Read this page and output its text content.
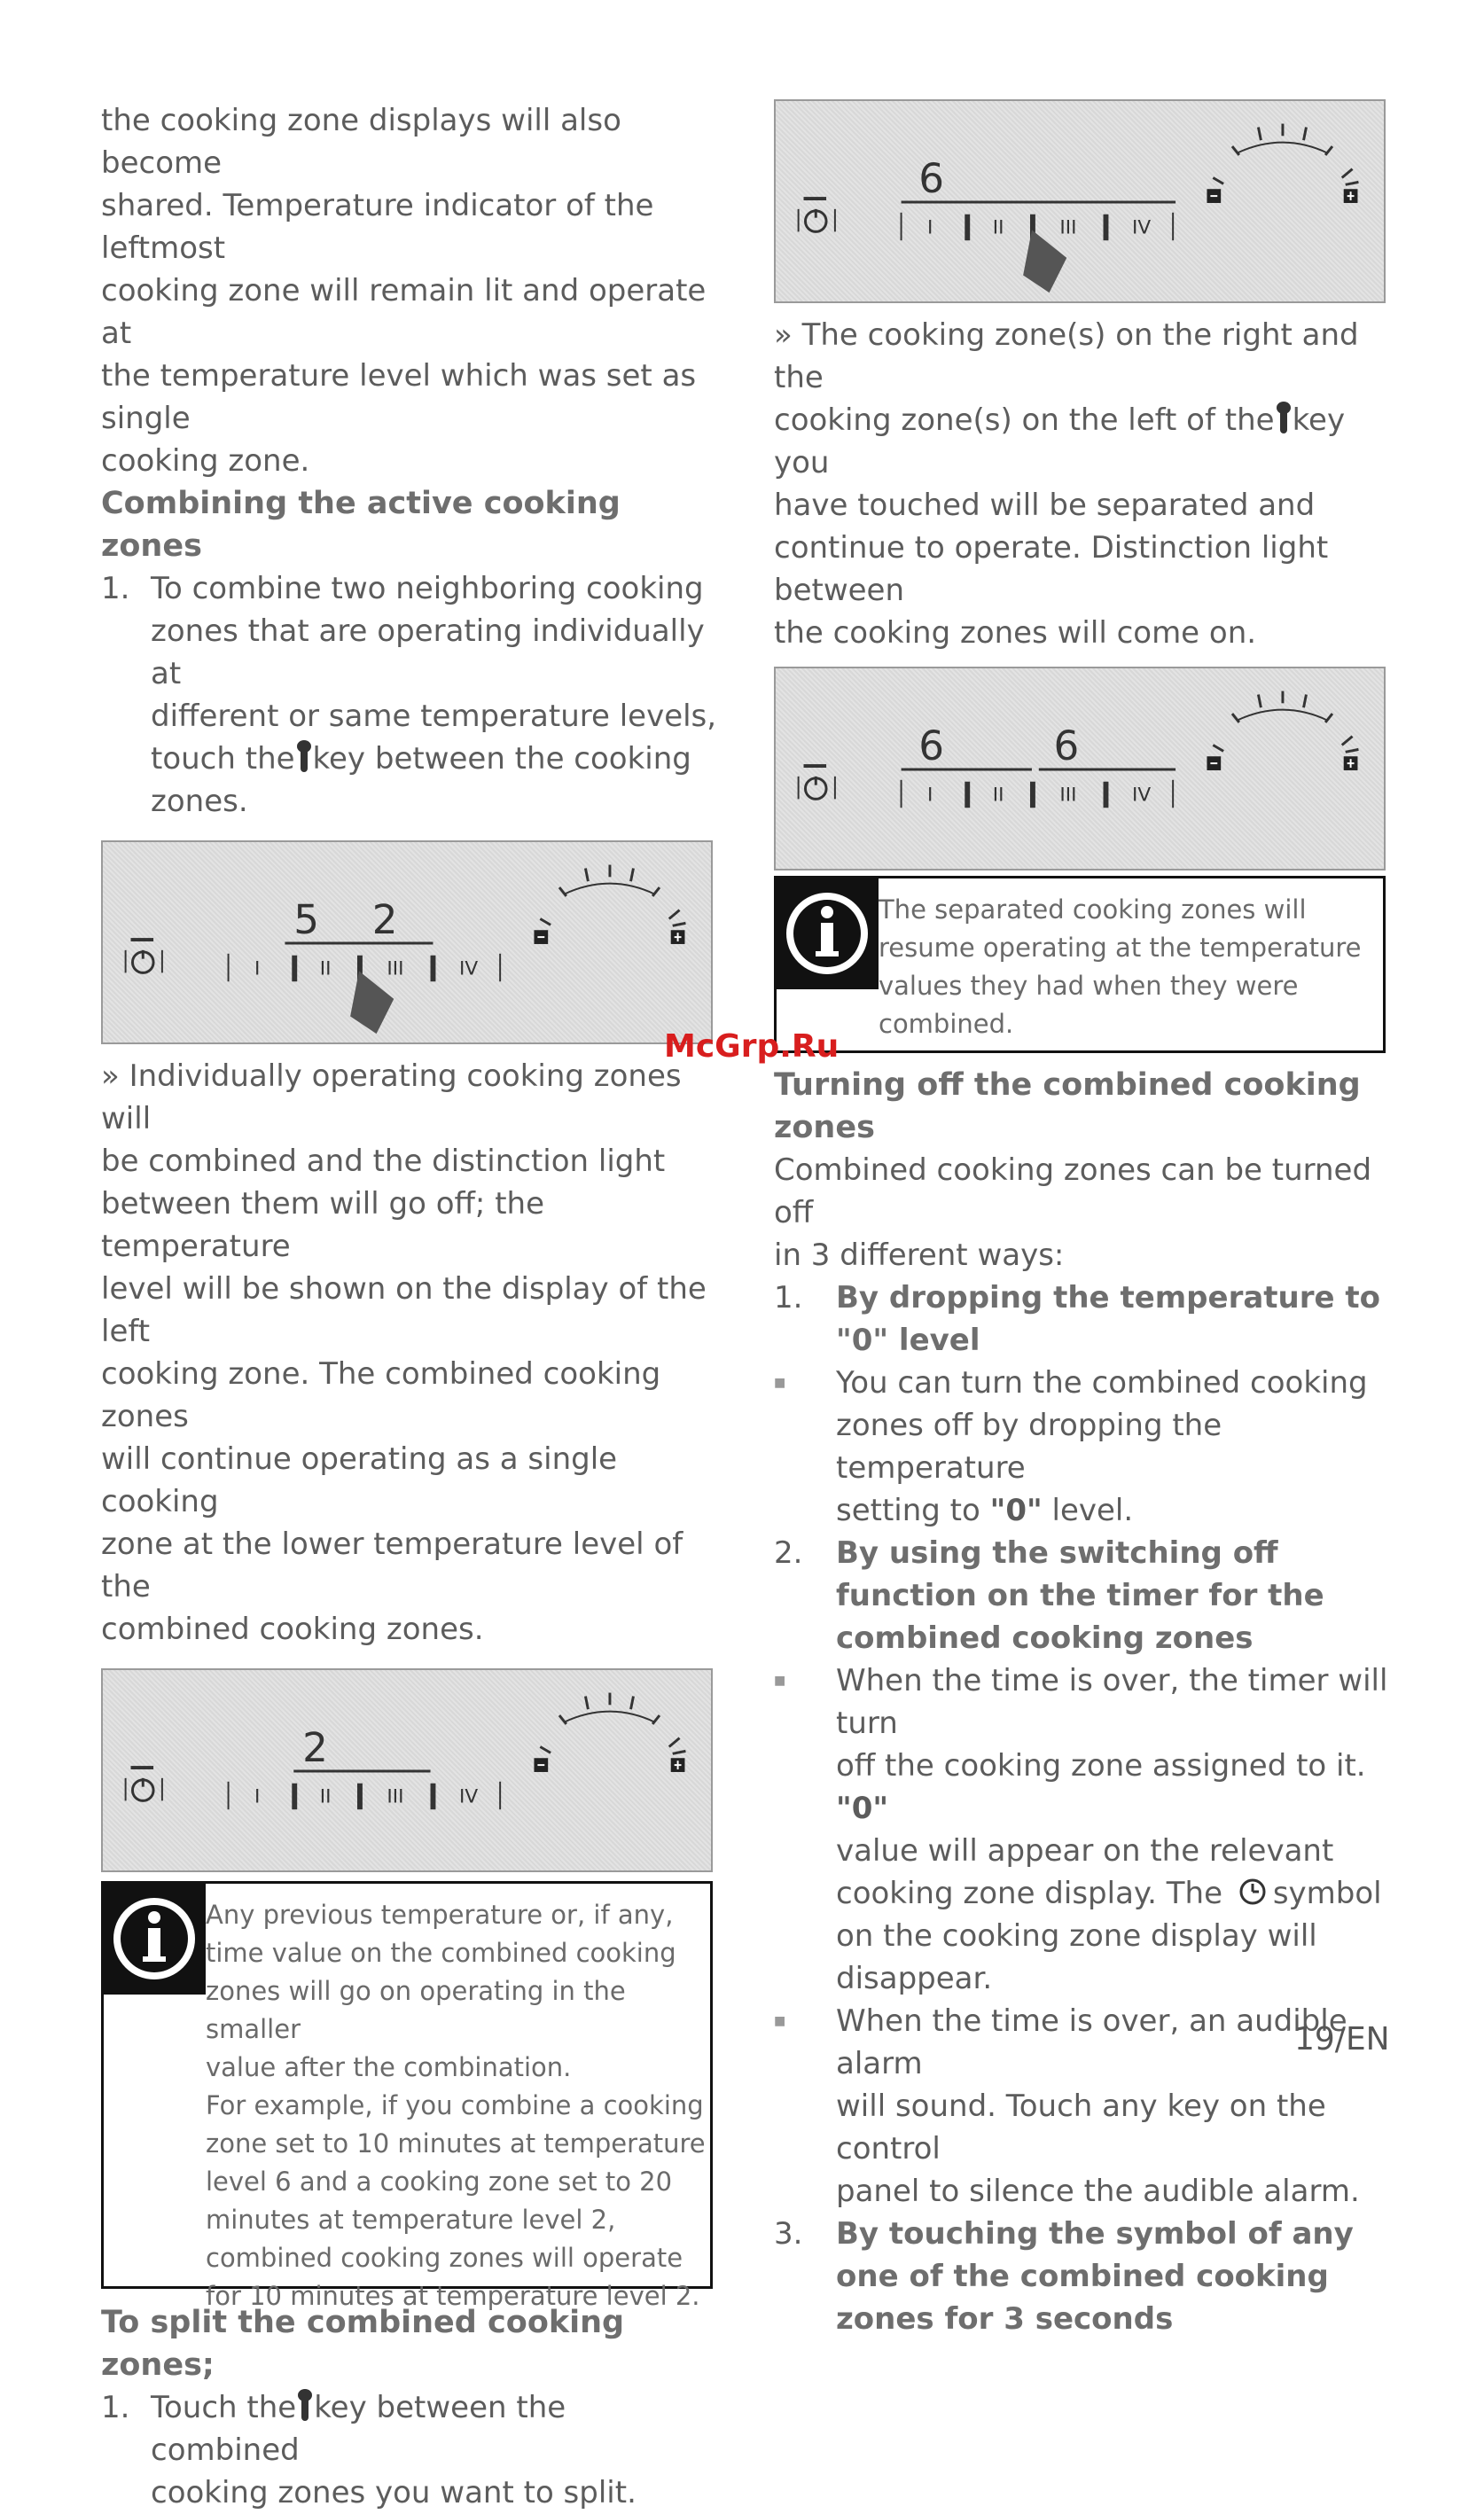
the cooking zone displays will also become

shared. Temperature indicator of the leftmost

cooking zone will remain lit and operate at

the temperature level which was set as single

cooking zone.

Combining the active cooking zones
1. To combine two neighboring cooking

zones that are operating individually at

different or same temperature levels,

touch the key between the cooking

zones.

5 2
I	II	III	IV

» Individually operating cooking zones will

be combined and the distinction light

between them will go off; the temperature

level will be shown on the display of the left

cooking zone. The combined cooking zones

will continue operating as a single cooking

zone at the lower temperature level of the

combined cooking zones.

2
I	II	III	IV

Any previous temperature or, if any,

time value on the combined cooking

zones will go on operating in the smaller

value after the combination.

For example, if you combine a cooking

zone set to 10 minutes at temperature

level 6 and a cooking zone set to 20

minutes at temperature level 2,

combined cooking zones will operate

for 10 minutes at temperature level 2.

To split the combined cooking zones;
1. Touch the key between the combined

cooking zones you want to split.

6
I	II	III	IV

» The cooking zone(s) on the right and the

cooking zone(s) on the left of the key you

have touched will be separated and

continue to operate. Distinction light between

the cooking zones will come on.

6	6
I	II	III	IV

The separated cooking zones will

resume operating at the temperature

values they had when they were

combined.

Turning off the combined cooking

zones

Combined cooking zones can be turned off

in 3 different ways:

1.	By dropping the temperature to

"0" level

■	You can turn the combined cooking

zones off by dropping the temperature

setting to "0" level.

2.	By using the switching off

function on the timer for the

combined cooking zones

■	When the time is over, the timer will turn

off the cooking zone assigned to it. "0"

value will appear on the relevant

cooking zone display. The symbol

on the cooking zone display will

disappear.

■	When the time is over, an audible alarm

will sound. Touch any key on the control

panel to silence the audible alarm.

3.	By touching the symbol of any

one of the combined cooking

zones for 3 seconds

McGrp.Ru
19/EN
